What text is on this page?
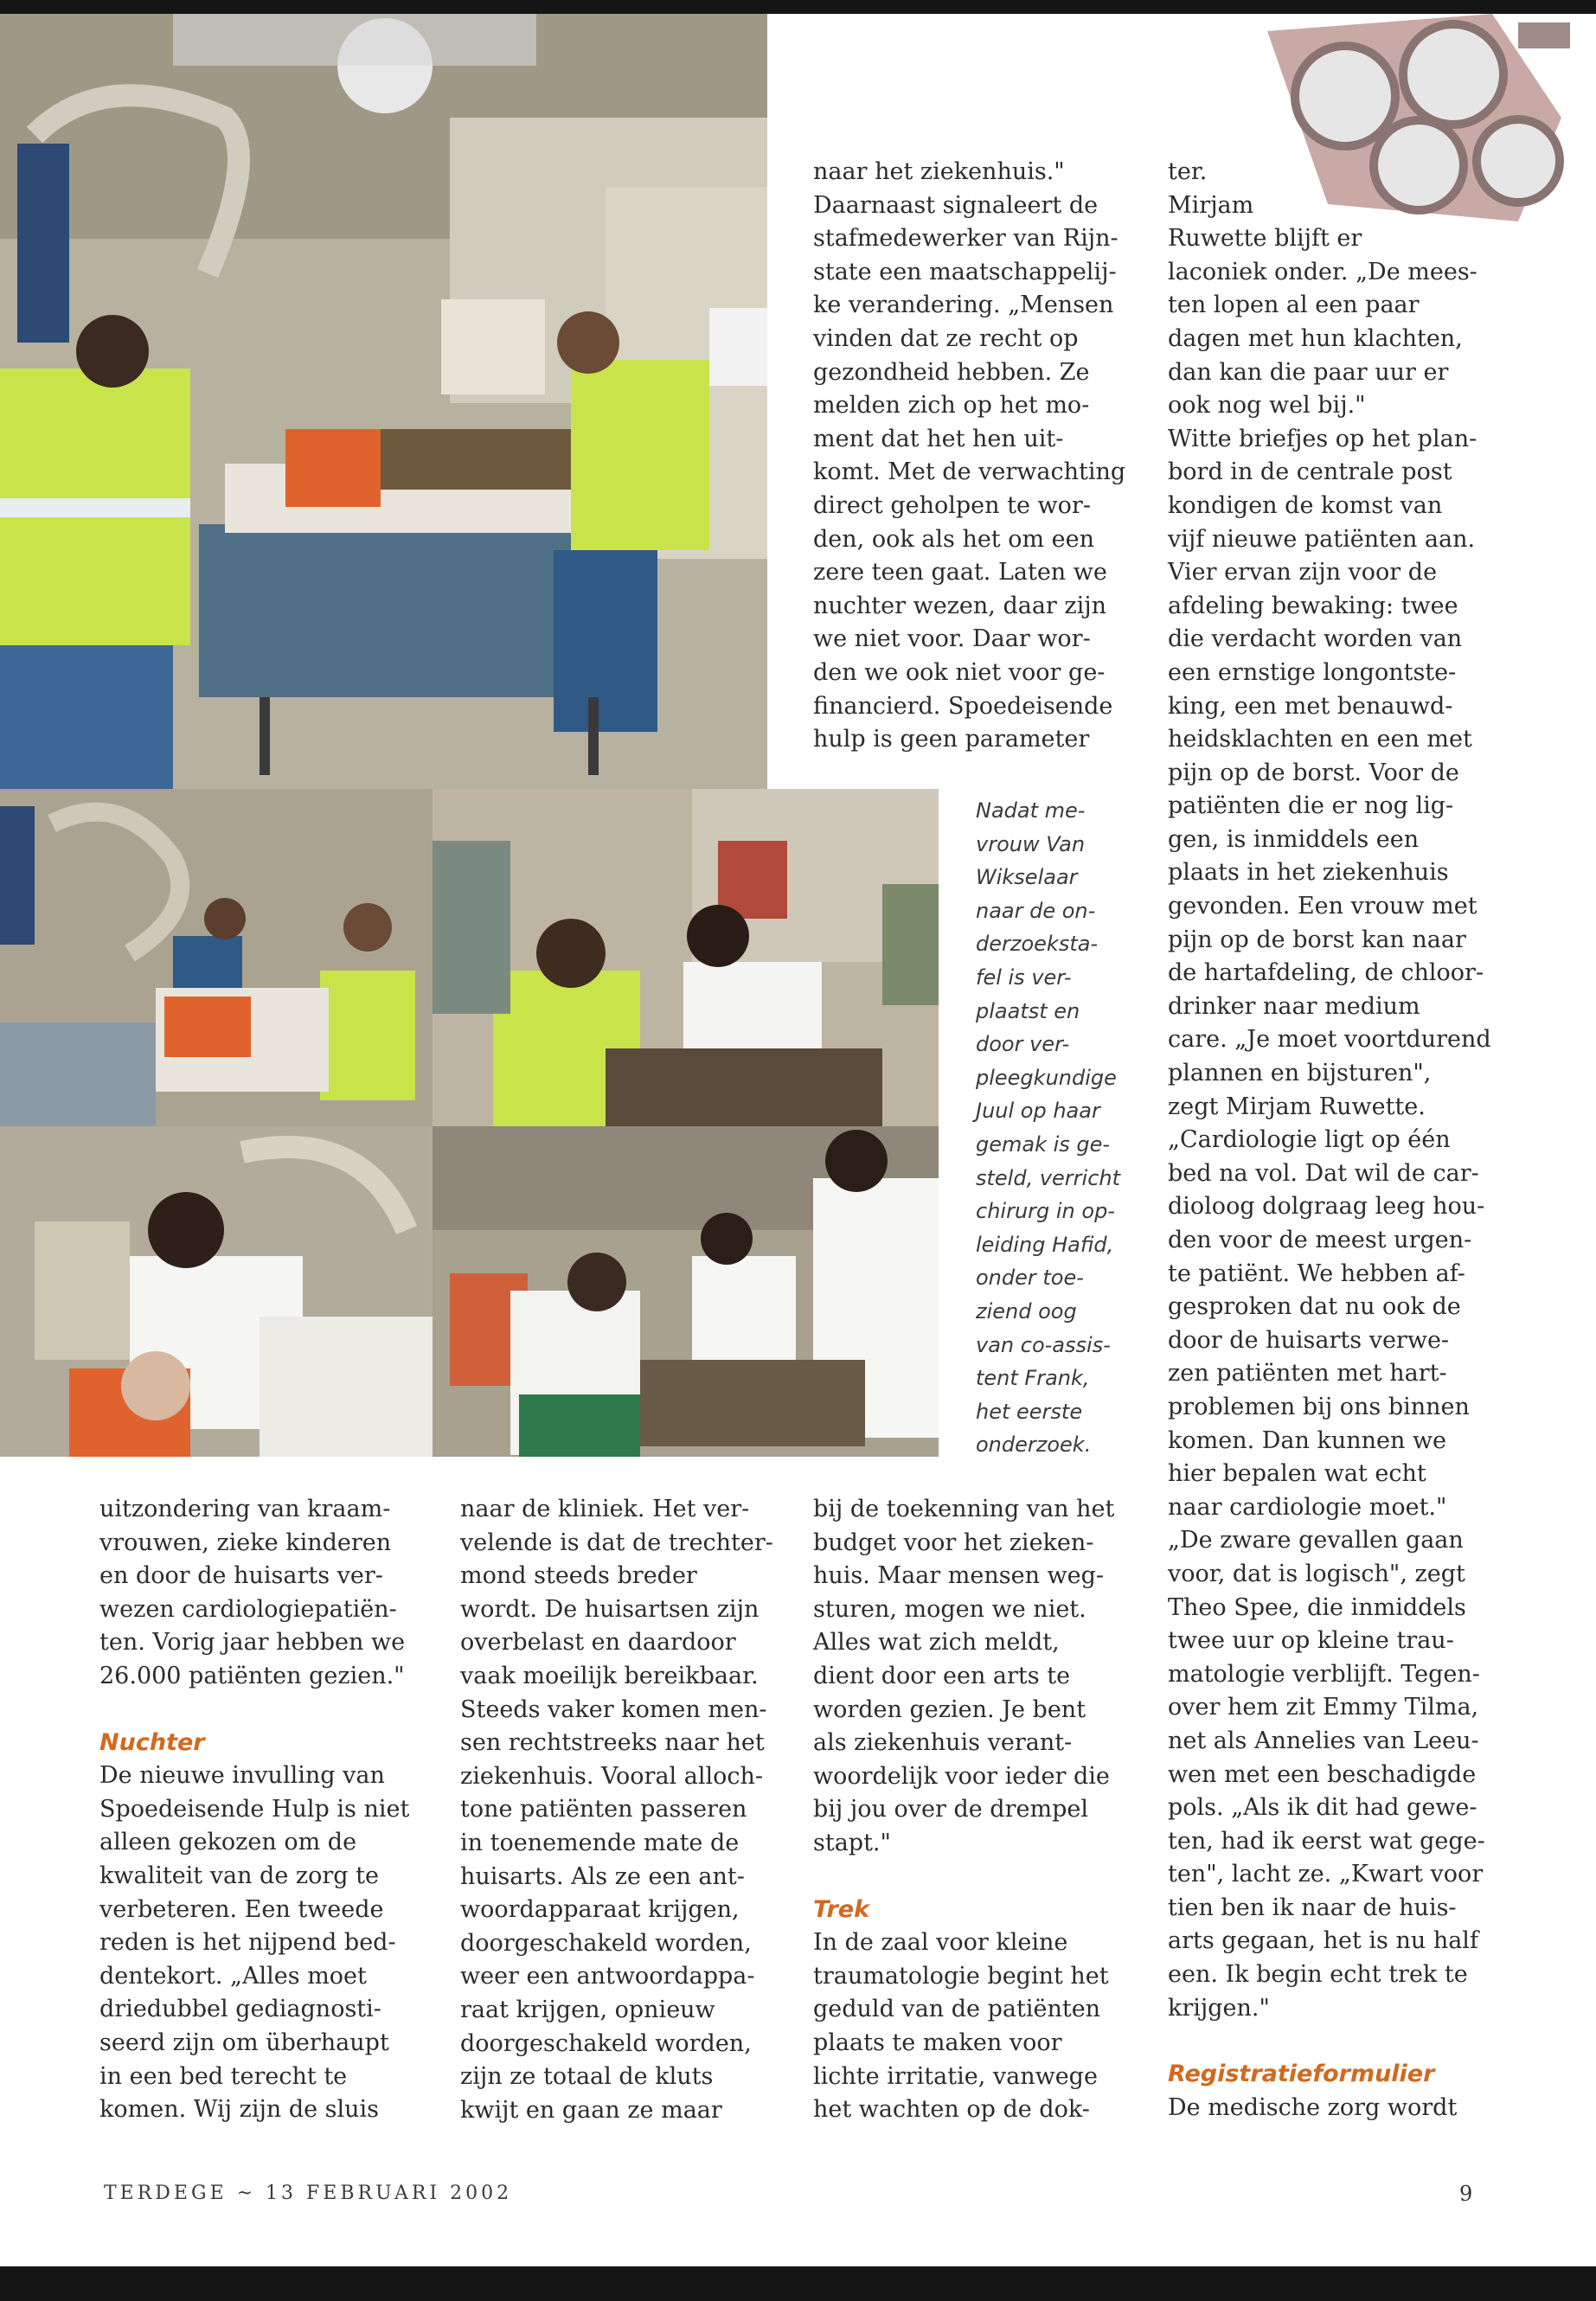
naar het ziekenhuis."
Daarnaast signaleert de
stafmedewerker van Rijn-
state een maatschappelij-
ke verandering. „Mensen
vinden dat ze recht op
gezondheid hebben. Ze
melden zich op het mo-
ment dat het hen uit-
komt. Met de verwachting
direct geholpen te wor-
den, ook als het om een
zere teen gaat. Laten we
nuchter wezen, daar zijn
we niet voor. Daar wor-
den we ook niet voor ge-
financierd. Spoedeisende
hulp is geen parameter
ter.
Mirjam
Ruwette blijft er
laconiek onder. „De mees-
ten lopen al een paar
dagen met hun klachten,
dan kan die paar uur er
ook nog wel bij."
Witte briefjes op het plan-
bord in de centrale post
kondigen de komst van
vijf nieuwe patiënten aan.
Vier ervan zijn voor de
afdeling bewaking: twee
die verdacht worden van
een ernstige longontste-
king, een met benauwd-
heidsklachten en een met
pijn op de borst. Voor de
patiënten die er nog lig-
gen, is inmiddels een
plaats in het ziekenhuis
gevonden. Een vrouw met
pijn op de borst kan naar
de hartafdeling, de chloor-
drinker naar medium
care. „Je moet voortdurend
plannen en bijsturen",
zegt Mirjam Ruwette.
„Cardiologie ligt op één
bed na vol. Dat wil de car-
dioloog dolgraag leeg hou-
den voor de meest urgen-
te patiënt. We hebben af-
gesproken dat nu ook de
door de huisarts verwe-
zen patiënten met hart-
problemen bij ons binnen
komen. Dan kunnen we
hier bepalen wat echt
naar cardiologie moet."
„De zware gevallen gaan
voor, dat is logisch", zegt
Theo Spee, die inmiddels
twee uur op kleine trau-
matologie verblijft. Tegen-
over hem zit Emmy Tilma,
net als Annelies van Leeu-
wen met een beschadigde
pols. „Als ik dit had gewe-
ten, had ik eerst wat gege-
ten", lacht ze. „Kwart voor
tien ben ik naar de huis-
arts gegaan, het is nu half
een. Ik begin echt trek te
krijgen."
Registratieformulier
De medische zorg wordt
Nadat me-
vrouw Van
Wikselaar
naar de on-
derzoeksta-
fel is ver-
plaatst en
door ver-
pleegkundige
Juul op haar
gemak is ge-
steld, verricht
chirurg in op-
leiding Hafid,
onder toe-
ziend oog
van co-assis-
tent Frank,
het eerste
onderzoek.
uitzondering van kraam-
vrouwen, zieke kinderen
en door de huisarts ver-
wezen cardiologiepatiën-
ten. Vorig jaar hebben we
26.000 patiënten gezien."
Nuchter
De nieuwe invulling van
Spoedeisende Hulp is niet
alleen gekozen om de
kwaliteit van de zorg te
verbeteren. Een tweede
reden is het nijpend bed-
dentekort. „Alles moet
driedubbel gediagnosti-
seerd zijn om überhaupt
in een bed terecht te
komen. Wij zijn de sluis
naar de kliniek. Het ver-
velende is dat de trechter-
mond steeds breder
wordt. De huisartsen zijn
overbelast en daardoor
vaak moeilijk bereikbaar.
Steeds vaker komen men-
sen rechtstreeks naar het
ziekenhuis. Vooral alloch-
tone patiënten passeren
in toenemende mate de
huisarts. Als ze een ant-
woordapparaat krijgen,
doorgeschakeld worden,
weer een antwoordappa-
raat krijgen, opnieuw
doorgeschakeld worden,
zijn ze totaal de kluts
kwijt en gaan ze maar
bij de toekenning van het
budget voor het zieken-
huis. Maar mensen weg-
sturen, mogen we niet.
Alles wat zich meldt,
dient door een arts te
worden gezien. Je bent
als ziekenhuis verant-
woordelijk voor ieder die
bij jou over de drempel
stapt."
Trek
In de zaal voor kleine
traumatologie begint het
geduld van de patiënten
plaats te maken voor
lichte irritatie, vanwege
het wachten op de dok-
TERDEGE ~ 13 FEBRUARI 2002	9
